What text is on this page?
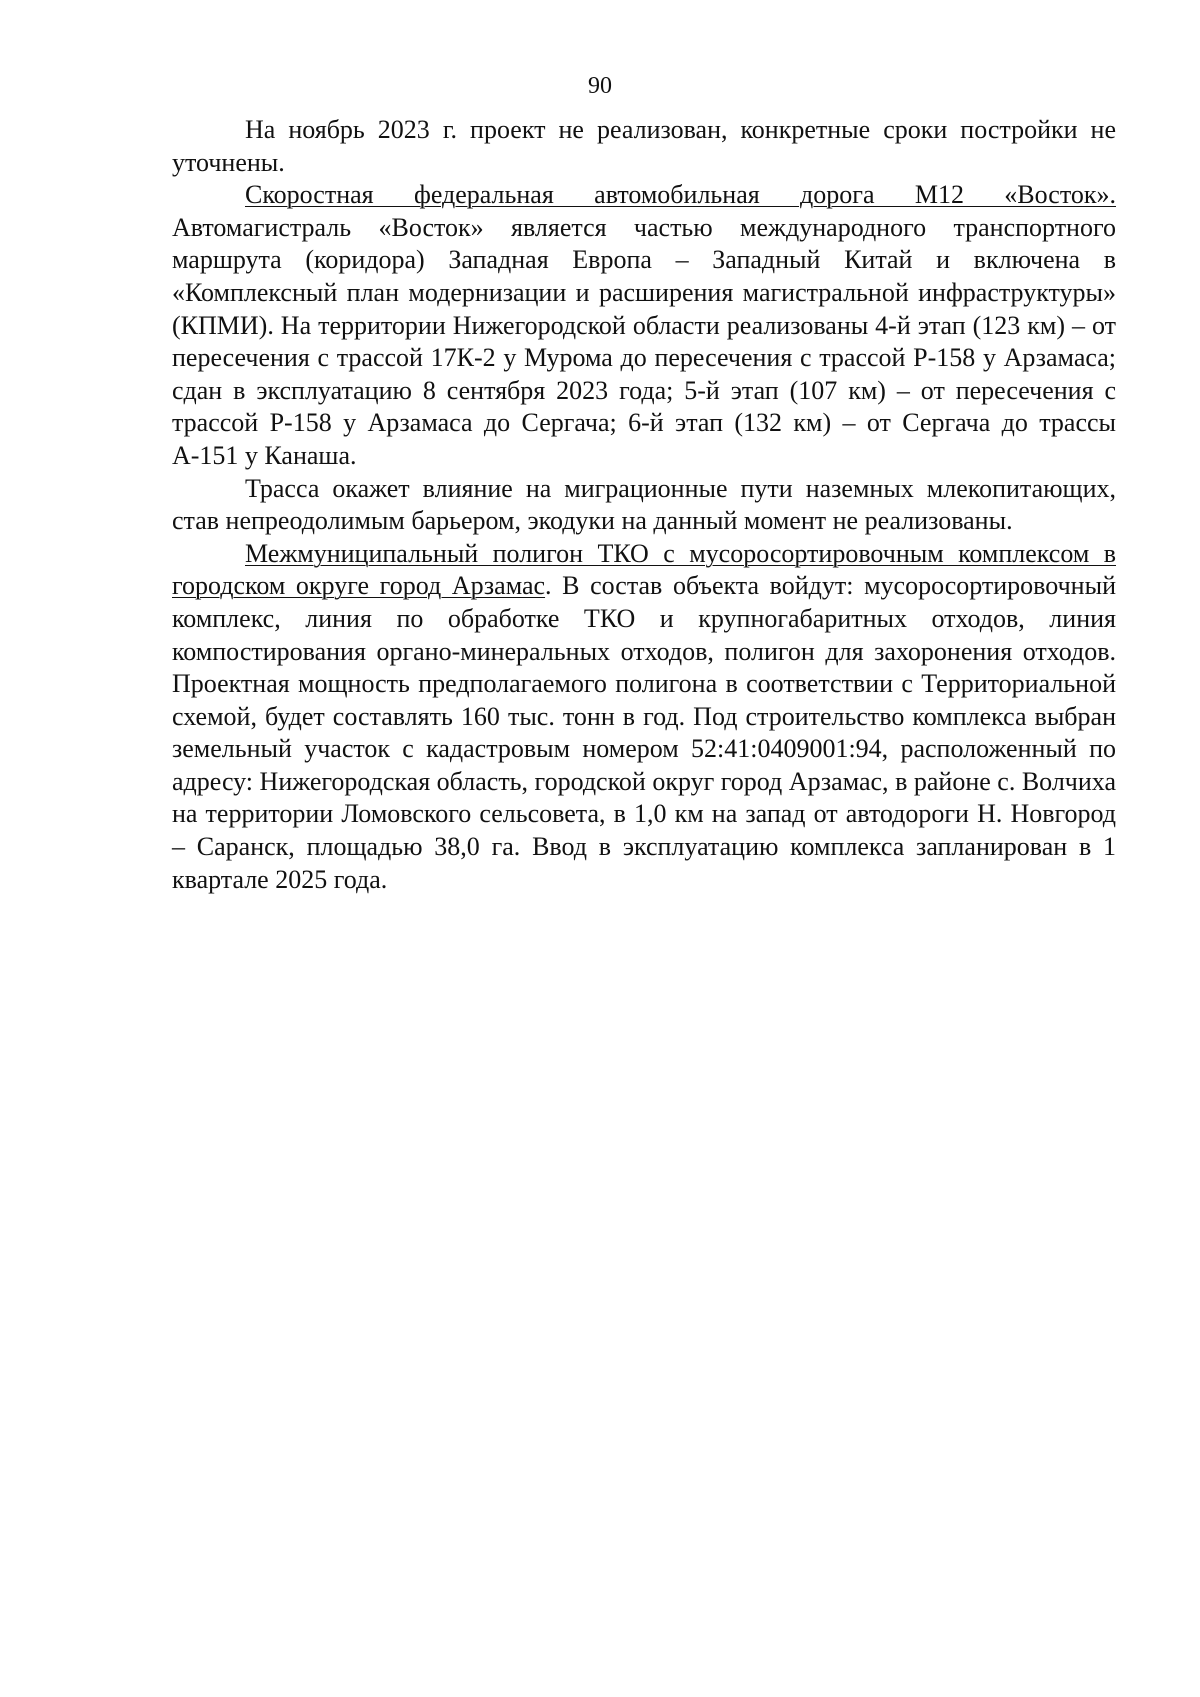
90

На ноябрь 2023 г. проект не реализован, конкретные сроки постройки не уточнены.

Скоростная федеральная автомобильная дорога М12 «Восток». Автомагистраль «Восток» является частью международного транспортного маршрута (коридора) Западная Европа – Западный Китай и включена в «Комплексный план модернизации и расширения магистральной инфраструктуры» (КПМИ). На территории Нижегородской области реализованы 4-й этап (123 км) – от пересечения с трассой 17К-2 у Мурома до пересечения с трассой Р-158 у Арзамаса; сдан в эксплуатацию 8 сентября 2023 года; 5-й этап (107 км) – от пересечения с трассой Р-158 у Арзамаса до Сергача; 6-й этап (132 км) – от Сергача до трассы А-151 у Канаша.

Трасса окажет влияние на миграционные пути наземных млекопитающих, став непреодолимым барьером, экодуки на данный момент не реализованы.

Межмуниципальный полигон ТКО с мусоросортировочным комплексом в городском округе город Арзамас. В состав объекта войдут: мусоросортировочный комплекс, линия по обработке ТКО и крупногабаритных отходов, линия компостирования органо-минеральных отходов, полигон для захоронения отходов. Проектная мощность предполагаемого полигона в соответствии с Территориальной схемой, будет составлять 160 тыс. тонн в год. Под строительство комплекса выбран земельный участок с кадастровым номером 52:41:0409001:94, расположенный по адресу: Нижегородская область, городской округ город Арзамас, в районе с. Волчиха на территории Ломовского сельсовета, в 1,0 км на запад от автодороги Н. Новгород – Саранск, площадью 38,0 га. Ввод в эксплуатацию комплекса запланирован в 1 квартале 2025 года.
